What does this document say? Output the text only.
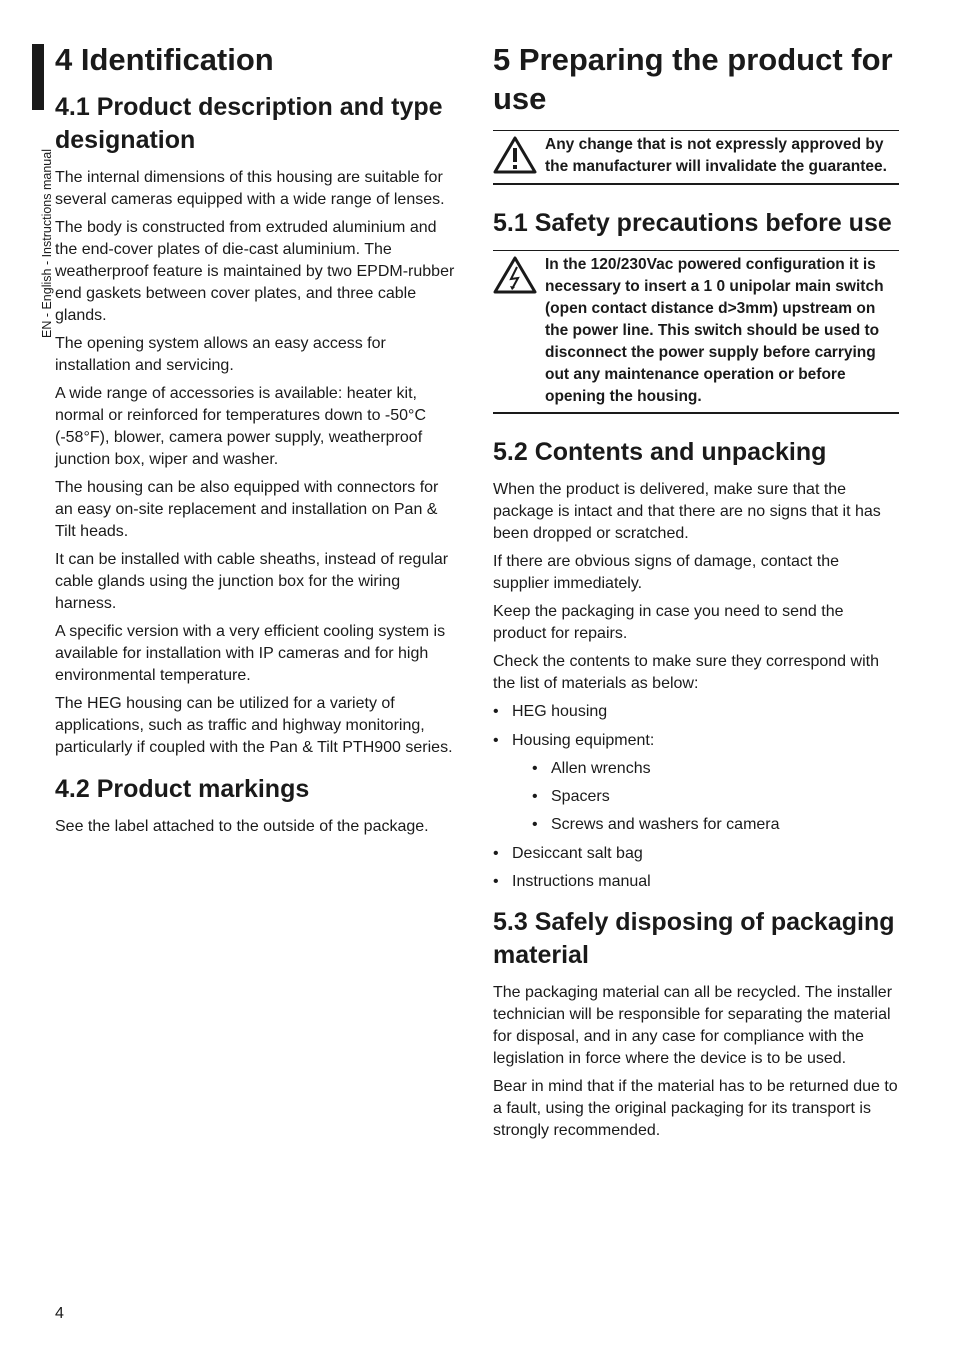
EN - English - Instructions manual
4 Identification
4.1 Product description and type designation

The internal dimensions of this housing are suitable for several cameras equipped with a wide range of lenses.

The body is constructed from extruded aluminium and the end-cover plates of die-cast aluminium. The weatherproof feature is maintained by two EPDM-rubber end gaskets between cover plates, and three cable glands.

The opening system allows an easy access for installation and servicing.

A wide range of accessories is available: heater kit, normal or reinforced for temperatures down to -50°C (-58°F), blower, camera power supply, weatherproof junction box, wiper and washer.

The housing can be also equipped with connectors for an easy on-site replacement and installation on Pan & Tilt heads.

It can be installed with cable sheaths, instead of regular cable glands using the junction box for the wiring harness.

A specific version with a very efficient cooling system is available for installation with IP cameras and for high environmental temperature.

The HEG housing can be utilized for a variety of applications, such as traffic and highway monitoring, particularly if coupled with the Pan & Tilt PTH900 series.

4.2 Product markings

See the label attached to the outside of the package.

5 Preparing the product for use
Any change that is not expressly approved by the manufacturer will invalidate the guarantee.
5.1 Safety precautions before use
In the 120/230Vac powered configuration it is necessary to insert a 1 0 unipolar main switch (open contact distance d>3mm) upstream on the power line. This switch should be used to disconnect the power supply before carrying out any maintenance operation or before opening the housing.
5.2 Contents and unpacking

When the product is delivered, make sure that the package is intact and that there are no signs that it has been dropped or scratched.

If there are obvious signs of damage, contact the supplier immediately.

Keep the packaging in case you need to send the product for repairs.

Check the contents to make sure they correspond with the list of materials as below:

• HEG housing
• Housing equipment:
• Allen wrenchs
• Spacers
• Screws and washers for camera
• Desiccant salt bag
• Instructions manual
5.3 Safely disposing of packaging material

The packaging material can all be recycled. The installer technician will be responsible for separating the material for disposal, and in any case for compliance with the legislation in force where the device is to be used.

Bear in mind that if the material has to be returned due to a fault, using the original packaging for its transport is strongly recommended.

4
